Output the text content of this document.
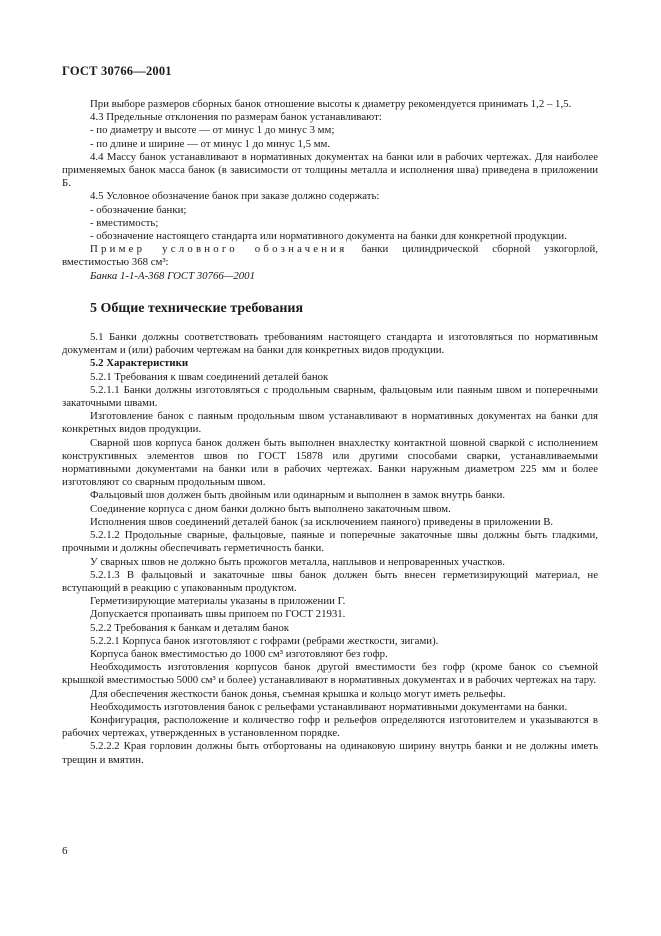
ГОСТ 30766—2001

При выборе размеров сборных банок отношение высоты к диаметру рекомендуется принимать 1,2 – 1,5.

4.3 Предельные отклонения по размерам банок устанавливают:

- по диаметру и высоте — от минус 1 до минус 3 мм;

- по длине и ширине — от минус 1 до минус 1,5 мм.

4.4 Массу банок устанавливают в нормативных документах на банки или в рабочих чертежах. Для наиболее применяемых банок масса банок (в зависимости от толщины металла и исполнения шва) приведена в приложении Б.

4.5 Условное обозначение банок при заказе должно содержать:

- обозначение банки;

- вместимость;

- обозначение настоящего стандарта или нормативного документа на банки для конкретной продукции.

Пример условного обозначения банки цилиндрической сборной узкогорлой, вместимостью 368 см³:

Банка 1-1-А-368 ГОСТ 30766—2001

5 Общие технические требования

5.1 Банки должны соответствовать требованиям настоящего стандарта и изготовляться по нормативным документам и (или) рабочим чертежам на банки для конкретных видов продукции.

5.2 Характеристики

5.2.1 Требования к швам соединений деталей банок

5.2.1.1 Банки должны изготовляться с продольным сварным, фальцовым или паяным швом и поперечными закаточными швами.

Изготовление банок с паяным продольным швом устанавливают в нормативных документах на банки для конкретных видов продукции.

Сварной шов корпуса банок должен быть выполнен внахлестку контактной шовной сваркой с исполнением конструктивных элементов швов по ГОСТ 15878 или другими способами сварки, устанавливаемыми нормативными документами на банки или в рабочих чертежах. Банки наружным диаметром 225 мм и более изготовляют со сварным продольным швом.

Фальцовый шов должен быть двойным или одинарным и выполнен в замок внутрь банки.

Соединение корпуса с дном банки должно быть выполнено закаточным швом.

Исполнения швов соединений деталей банок (за исключением паяного) приведены в приложении В.

5.2.1.2 Продольные сварные, фальцовые, паяные и поперечные закаточные швы должны быть гладкими, прочными и должны обеспечивать герметичность банки.

У сварных швов не должно быть прожогов металла, наплывов и непроваренных участков.

5.2.1.3 В фальцовый и закаточные швы банок должен быть внесен герметизирующий материал, не вступающий в реакцию с упакованным продуктом.

Герметизирующие материалы указаны в приложении Г.

Допускается пропаивать швы припоем по ГОСТ 21931.

5.2.2 Требования к банкам и деталям банок

5.2.2.1 Корпуса банок изготовляют с гофрами (ребрами жесткости, зигами).

Корпуса банок вместимостью до 1000 см³ изготовляют без гофр.

Необходимость изготовления корпусов банок другой вместимости без гофр (кроме банок со съемной крышкой вместимостью 5000 см³ и более) устанавливают в нормативных документах и в рабочих чертежах на тару.

Для обеспечения жесткости банок донья, съемная крышка и кольцо могут иметь рельефы.

Необходимость изготовления банок с рельефами устанавливают нормативными документами на банки.

Конфигурация, расположение и количество гофр и рельефов определяются изготовителем и указываются в рабочих чертежах, утвержденных в установленном порядке.

5.2.2.2 Края горловин должны быть отбортованы на одинаковую ширину внутрь банки и не должны иметь трещин и вмятин.

6
